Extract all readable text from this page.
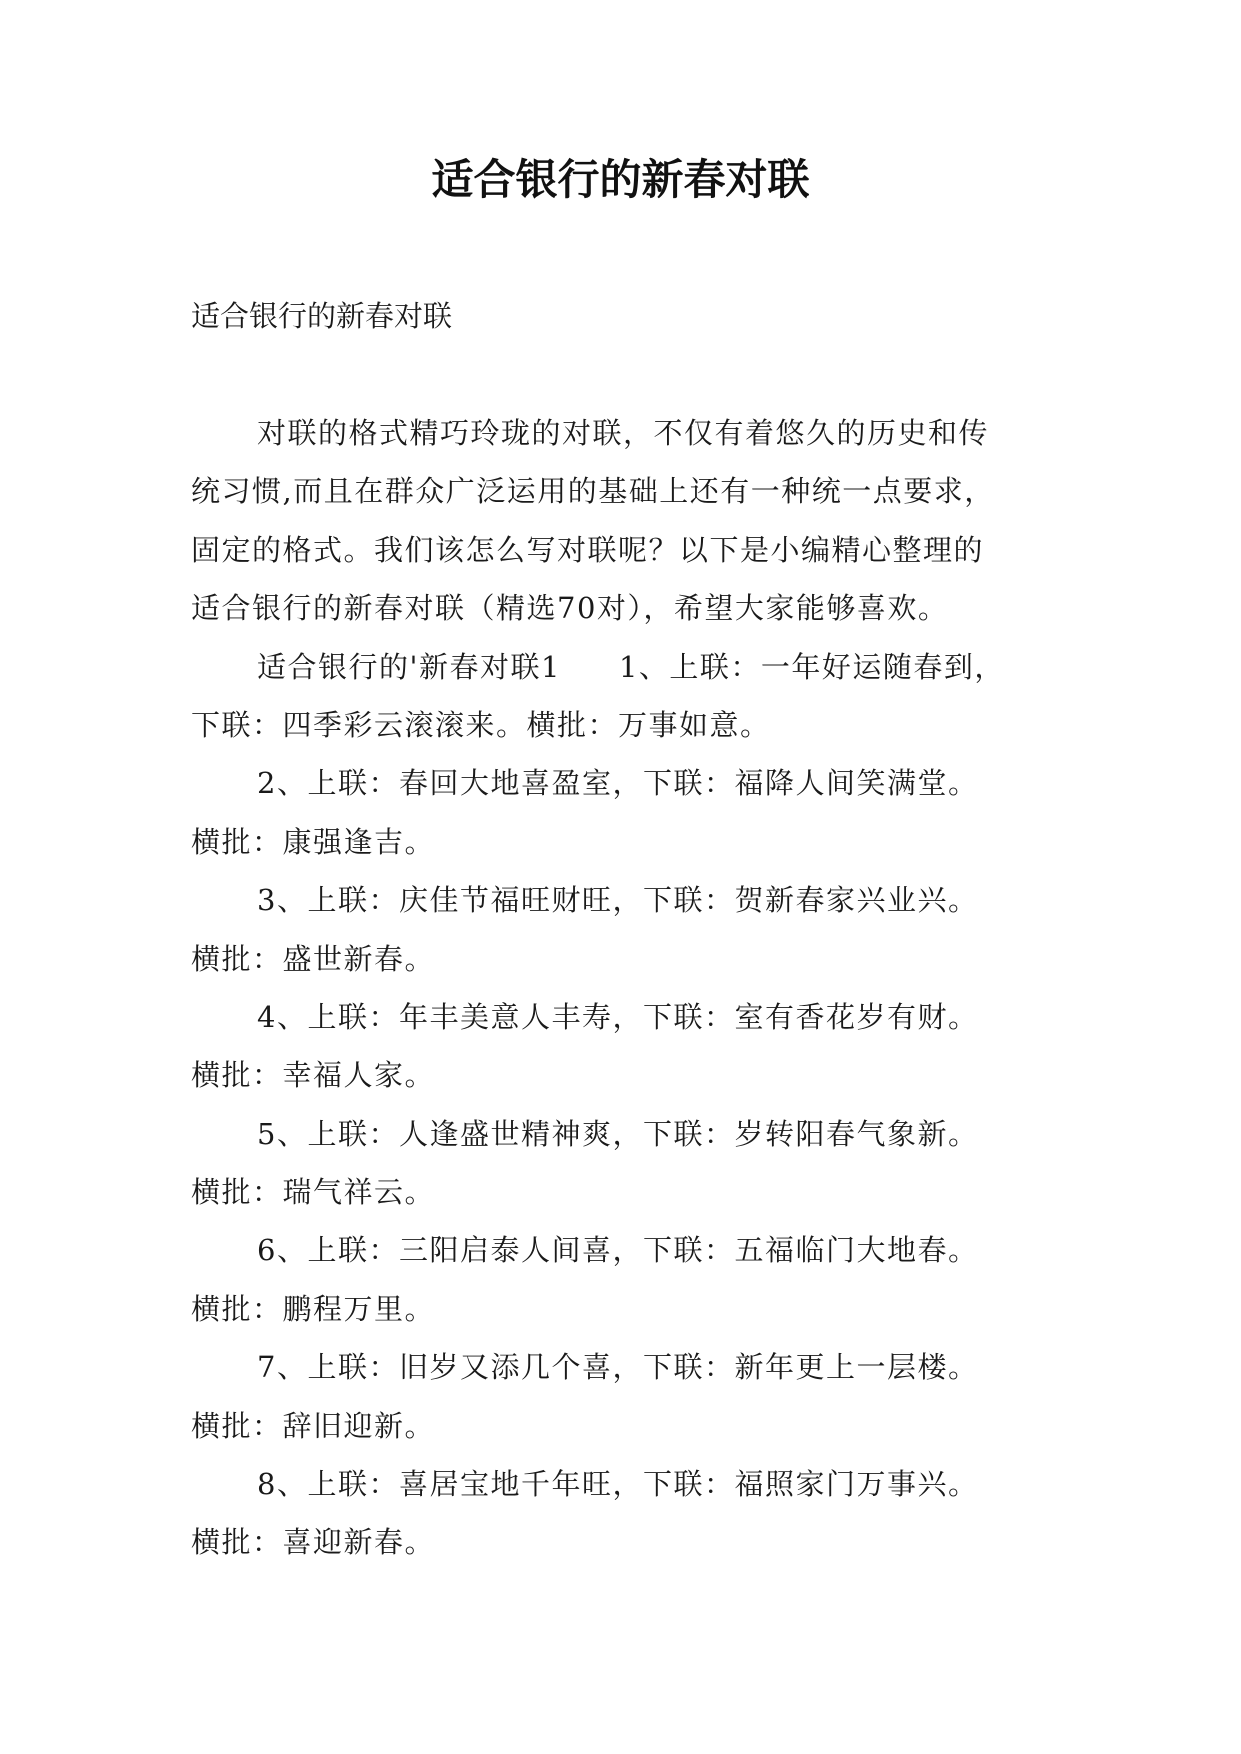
适合银行的新春对联
适合银行的新春对联
对联的格式精巧玲珑的对联，不仅有着悠久的历史和传
统习惯,而且在群众广泛运用的基础上还有一种统一点要求，
固定的格式。我们该怎么写对联呢？以下是小编精心整理的
适合银行的新春对联（精选70对），希望大家能够喜欢。
适合银行的'新春对联1 1、上联：一年好运随春到，
下联：四季彩云滚滚来。横批：万事如意。
2、上联：春回大地喜盈室，下联：福降人间笑满堂。
横批：康强逢吉。
3、上联：庆佳节福旺财旺，下联：贺新春家兴业兴。
横批：盛世新春。
4、上联：年丰美意人丰寿，下联：室有香花岁有财。
横批：幸福人家。
5、上联：人逢盛世精神爽，下联：岁转阳春气象新。
横批：瑞气祥云。
6、上联：三阳启泰人间喜，下联：五福临门大地春。
横批：鹏程万里。
7、上联：旧岁又添几个喜，下联：新年更上一层楼。
横批：辞旧迎新。
8、上联：喜居宝地千年旺，下联：福照家门万事兴。
横批：喜迎新春。
